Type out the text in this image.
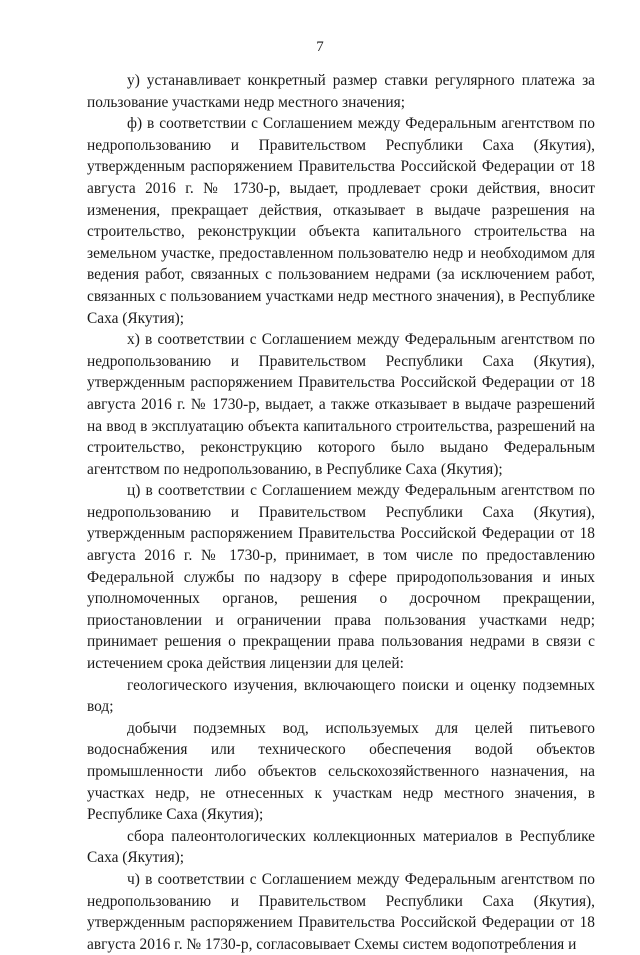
7

у) устанавливает конкретный размер ставки регулярного платежа за пользование участками недр местного значения;

ф) в соответствии с Соглашением между Федеральным агентством по недропользованию и Правительством Республики Саха (Якутия), утвержденным распоряжением Правительства Российской Федерации от 18 августа 2016 г. № 1730-р, выдает, продлевает сроки действия, вносит изменения, прекращает действия, отказывает в выдаче разрешения на строительство, реконструкции объекта капитального строительства на земельном участке, предоставленном пользователю недр и необходимом для ведения работ, связанных с пользованием недрами (за исключением работ, связанных с пользованием участками недр местного значения), в Республике Саха (Якутия);

х) в соответствии с Соглашением между Федеральным агентством по недропользованию и Правительством Республики Саха (Якутия), утвержденным распоряжением Правительства Российской Федерации от 18 августа 2016 г. № 1730-р, выдает, а также отказывает в выдаче разрешений на ввод в эксплуатацию объекта капитального строительства, разрешений на строительство, реконструкцию которого было выдано Федеральным агентством по недропользованию, в Республике Саха (Якутия);

ц) в соответствии с Соглашением между Федеральным агентством по недропользованию и Правительством Республики Саха (Якутия), утвержденным распоряжением Правительства Российской Федерации от 18 августа 2016 г. № 1730-р, принимает, в том числе по предоставлению Федеральной службы по надзору в сфере природопользования и иных уполномоченных органов, решения о досрочном прекращении, приостановлении и ограничении права пользования участками недр; принимает решения о прекращении права пользования недрами в связи с истечением срока действия лицензии для целей:

геологического изучения, включающего поиски и оценку подземных вод;

добычи подземных вод, используемых для целей питьевого водоснабжения или технического обеспечения водой объектов промышленности либо объектов сельскохозяйственного назначения, на участках недр, не отнесенных к участкам недр местного значения, в Республике Саха (Якутия);

сбора палеонтологических коллекционных материалов в Республике Саха (Якутия);

ч) в соответствии с Соглашением между Федеральным агентством по недропользованию и Правительством Республики Саха (Якутия), утвержденным распоряжением Правительства Российской Федерации от 18 августа 2016 г. № 1730-р, согласовывает Схемы систем водопотребления и
